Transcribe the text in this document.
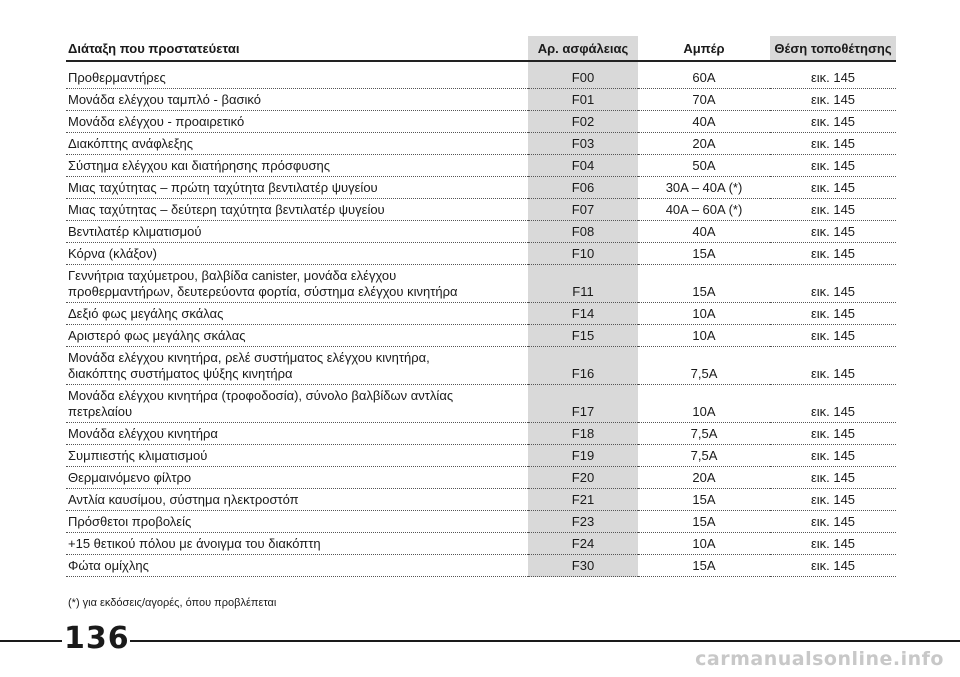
Διάταξη που προστατεύεται	Αρ. ασφάλειας	Αμπέρ	Θέση τοποθέτησης

Προθερμαντήρες	F00	60A	εικ. 145

Μονάδα ελέγχου ταμπλό - βασικό	F01	70A	εικ. 145

Μονάδα ελέγχου - προαιρετικό	F02	40A	εικ. 145

Διακόπτης ανάφλεξης	F03	20A	εικ. 145

Σύστημα ελέγχου και διατήρησης πρόσφυσης	F04	50A	εικ. 145

Μιας ταχύτητας – πρώτη ταχύτητα βεντιλατέρ ψυγείου	F06	30A – 40A (*)	εικ. 145

Μιας ταχύτητας – δεύτερη ταχύτητα βεντιλατέρ ψυγείου	F07	40A – 60A (*)	εικ. 145

Βεντιλατέρ κλιματισμού	F08	40A	εικ. 145

Κόρνα (κλάξον)	F10	15A	εικ. 145

Γεννήτρια ταχύμετρου, βαλβίδα canister, μονάδα ελέγχου
προθερμαντήρων, δευτερεύοντα φορτία, σύστημα ελέγχου κινητήρα	F11	15A	εικ. 145

Δεξιό φως μεγάλης σκάλας	F14	10A	εικ. 145

Αριστερό φως μεγάλης σκάλας	F15	10A	εικ. 145

Μονάδα ελέγχου κινητήρα, ρελέ συστήματος ελέγχου κινητήρα,
διακόπτης συστήματος ψύξης κινητήρα	F16	7,5A	εικ. 145

Μονάδα ελέγχου κινητήρα (τροφοδοσία), σύνολο βαλβίδων αντλίας
πετρελαίου	F17	10A	εικ. 145

Μονάδα ελέγχου κινητήρα	F18	7,5A	εικ. 145

Συμπιεστής κλιματισμού	F19	7,5A	εικ. 145

Θερμαινόμενο φίλτρο	F20	20A	εικ. 145

Αντλία καυσίμου, σύστημα ηλεκτροστόπ	F21	15A	εικ. 145

Πρόσθετοι προβολείς	F23	15A	εικ. 145

+15 θετικού πόλου με άνοιγμα του διακόπτη	F24	10A	εικ. 145

Φώτα ομίχλης	F30	15A	εικ. 145
(*) για εκδόσεις/αγορές, όπου προβλέπεται
136
carmanualsonline.info
